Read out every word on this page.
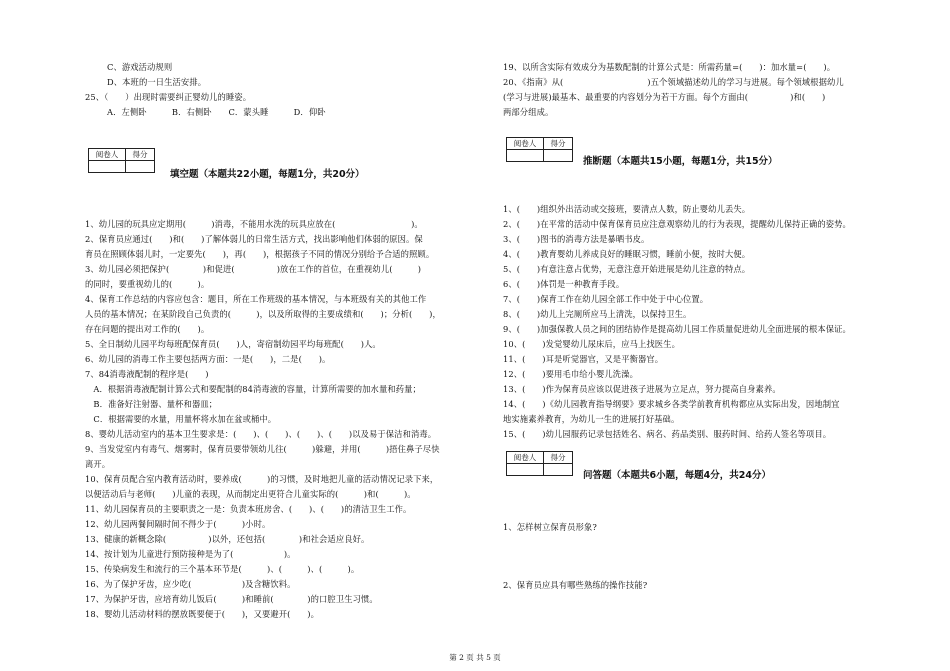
C、游戏活动规则
D、本班的一日生活安排。
25、（　　）出现时需要纠正婴幼儿的睡姿。
A．左侧卧　　　B．右侧卧　　C．蒙头睡　　　D．仰卧
阅卷人	得分

填空题（本题共22小题，每题1分，共20分）
1、幼儿园的玩具应定期用(　　　)消毒，不能用水洗的玩具应放在(　　　　　　　　　)。
2、保育员应通过(　　)和(　　)了解体弱儿的日常生活方式，找出影响他们体弱的原因。保
育员在照顾体弱儿时，一定要先(　　)，再(　　)，根据孩子不同的情况分别给予合适的照顾。
3、幼儿园必须把保护(　　　　)和促进(　　　　　)放在工作的首位，在重视幼儿(　　　)
的同时，要重视幼儿的(　　　)。
4、保育工作总结的内容应包含：题目，所在工作班级的基本情况，与本班级有关的其他工作
人员的基本情况；在某阶段自己负责的(　　　)，以及所取得的主要成绩和(　　)；分析(　　)，
存在问题的提出对工作的(　　)。
5、全日制幼儿园平均每班配保育员(　　)人，寄宿制幼园平均每班配(　　)人。
6、幼儿园的消毒工作主要包括两方面：一是(　　)，二是(　　)。
7、84消毒液配制的程序是(　　)
　A．根据消毒液配制计算公式和要配制的84消毒液的容量，计算所需要的加水量和药量；
　B．准备好注射器、量杯和器皿；
　C．根据需要的水量，用量杯将水加在盆或桶中。
8、婴幼儿活动室内的基本卫生要求是：(　　)、(　　)、(　　)、(　　)以及易于保洁和消毒。
9、当发觉室内有毒气、烟雾时，保育员要带领幼儿往(　　　)躲避，并用(　　　)捂住鼻子尽快
离开。
10、保育员配合室内教育活动时，要养成(　　　)的习惯，及时地把儿童的活动情况记录下来，
以便活动后与老师(　　)儿童的表现，从而制定出更符合儿童实际的(　　　)和(　　　)。
11、幼儿园保育员的主要职责之一是：负责本班房舍、(　　)、(　　)的清洁卫生工作。
12、幼儿园两餐间隔时间不得少于(　　　)小时。
13、健康的新概念除(　　　　　)以外，还包括(　　　　)和社会适应良好。
14、按计划为儿童进行预防接种是为了(　　　　　　)。
15、传染病发生和流行的三个基本环节是(　　　)、(　　　)、(　　　)。
16、为了保护牙齿，应少吃(　　　　　　)及含糖饮料。
17、为保护牙齿，应培育幼儿饭后(　　　)和睡前(　　　　)的口腔卫生习惯。
18、婴幼儿活动材料的摆放既要便于(　　)，又要避开(　　)。
19、以所含实际有效成分为基数配制的计算公式是：所需药量=(　　)：加水量=(　　)。
20、《指南》从(　　　　　　　　　　)五个领域描述幼儿的学习与进展。每个领域根据幼儿
(学习与进展)最基本、最重要的内容划分为若干方面。每个方面由(　　　　　)和(　　)
两部分组成。
阅卷人	得分

推断题（本题共15小题，每题1分，共15分）
1、(　　)组织外出活动或交接班，要清点人数，防止婴幼儿丢失。
2、(　　)在平常的活动中保育保育员应注意观察幼儿的行为表现，提醒幼儿保持正确的姿势。
3、(　　)图书的消毒方法是暴晒书皮。
4、(　　)教育婴幼儿养成良好的睡眠习惯，睡前小便，按时大便。
5、(　　)有意注意占优势，无意注意开始进展是幼儿注意的特点。
6、(　　)体罚是一种教育手段。
7、(　　)保育工作在幼儿园全部工作中处于中心位置。
8、(　　)幼儿上完厕所应马上清洗，以保持卫生。
9、(　　)加强保教人员之间的团结协作是提高幼儿园工作质量促进幼儿全面进展的根本保证。
10、(　　)发觉婴幼儿尿床后，应马上找医生。
11、(　　)耳是听觉器官，又是平衡器官。
12、(　　)要用毛巾给小婴儿洗澡。
13、(　　)作为保育员应该以促进孩子进展为立足点，努力提高自身素养。
14、(　　)《幼儿园教育指导纲要》要求城乡各类学前教育机构都应从实际出发，因地制宜
地实施素养教育，为幼儿一生的进展打好基础。
15、(　　)幼儿园服药记录包括姓名、病名、药品类别、服药时间、给药人签名等项目。
阅卷人	得分

问答题（本题共6小题，每题4分，共24分）
1、怎样树立保育员形象?
2、保育员应具有哪些熟练的操作技能?
第 2 页 共 5 页
